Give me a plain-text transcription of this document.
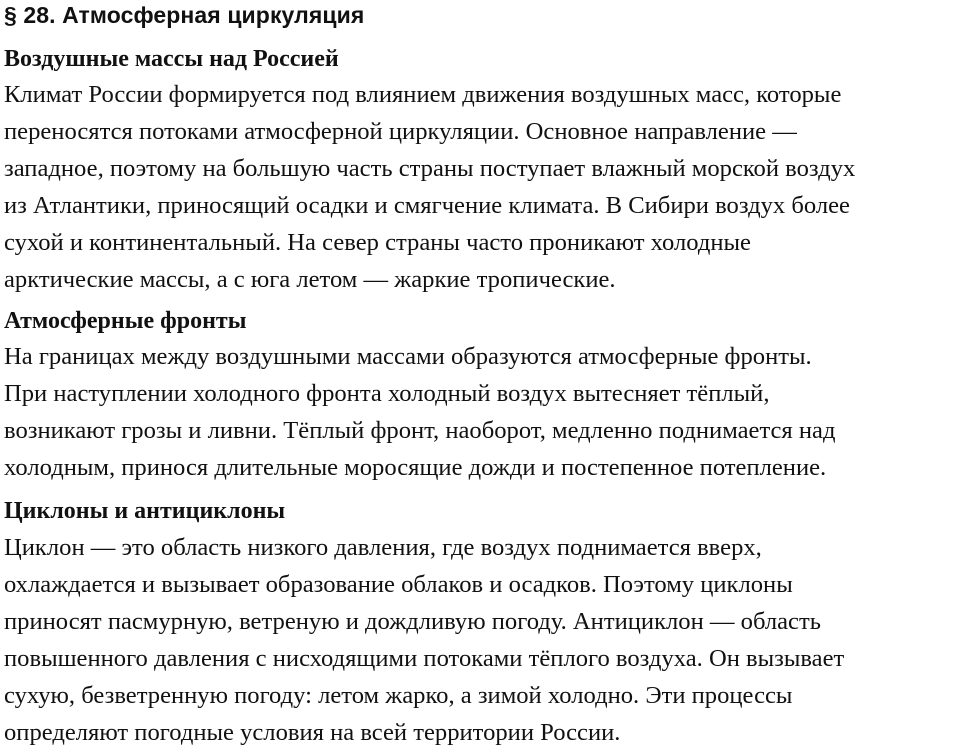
§ 28. Атмосферная циркуляция
Воздушные массы над Россией

Климат России формируется под влиянием движения воздушных масс, которые
переносятся потоками атмосферной циркуляции. Основное направление —
западное, поэтому на большую часть страны поступает влажный морской воздух
из Атлантики, приносящий осадки и смягчение климата. В Сибири воздух более
сухой и континентальный. На север страны часто проникают холодные
арктические массы, а с юга летом — жаркие тропические.

Атмосферные фронты

На границах между воздушными массами образуются атмосферные фронты.
При наступлении холодного фронта холодный воздух вытесняет тёплый,
возникают грозы и ливни. Тёплый фронт, наоборот, медленно поднимается над
холодным, принося длительные моросящие дожди и постепенное потепление.

Циклоны и антициклоны

Циклон — это область низкого давления, где воздух поднимается вверх,
охлаждается и вызывает образование облаков и осадков. Поэтому циклоны
приносят пасмурную, ветреную и дождливую погоду. Антициклон — область
повышенного давления с нисходящими потоками тёплого воздуха. Он вызывает
сухую, безветренную погоду: летом жарко, а зимой холодно. Эти процессы
определяют погодные условия на всей территории России.
